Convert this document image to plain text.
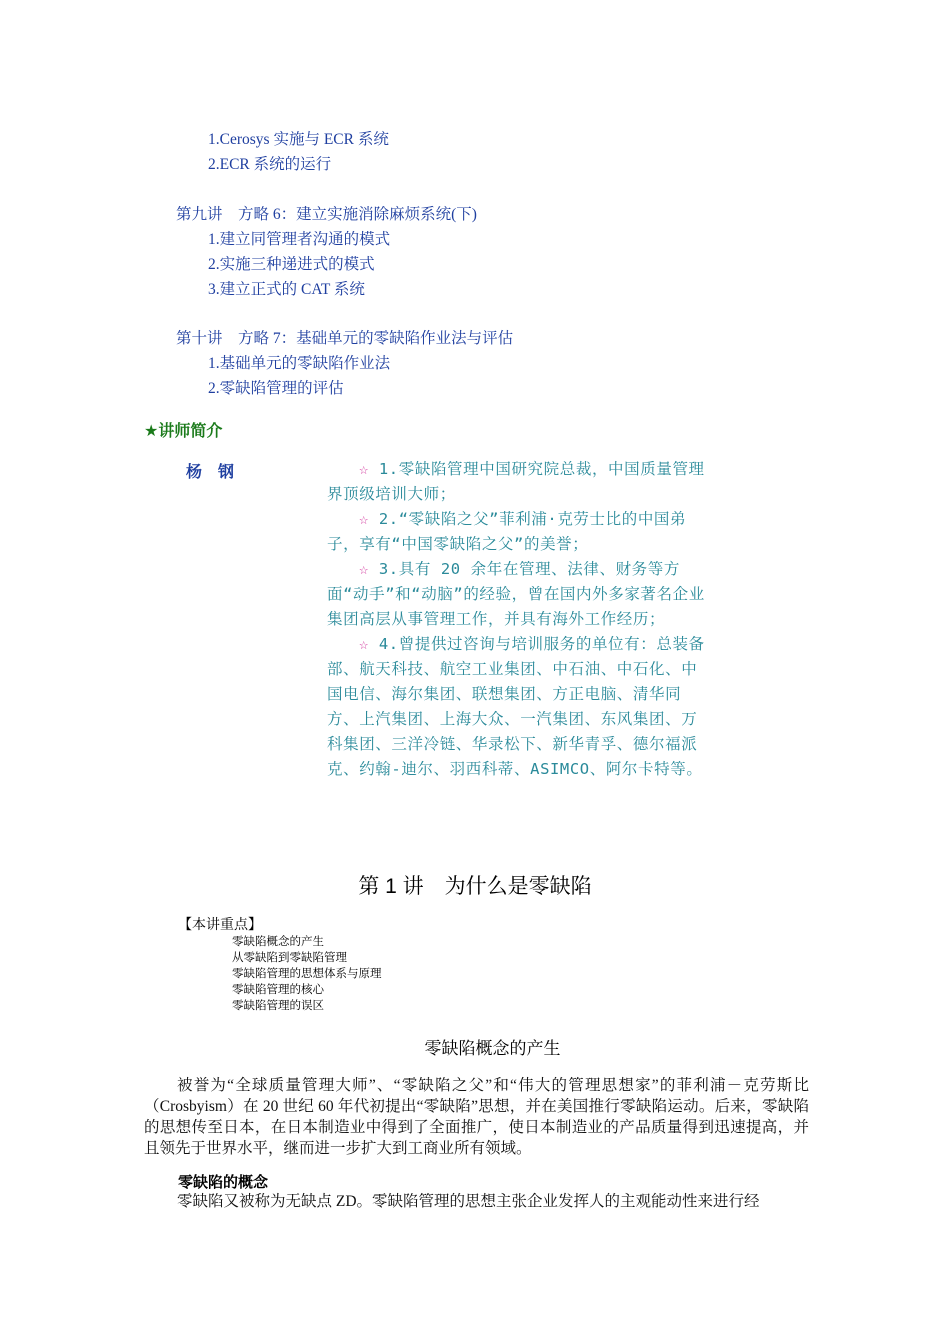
1.Cerosys 实施与 ECR 系统
2.ECR 系统的运行
第九讲　方略 6：建立实施消除麻烦系统(下)
1.建立同管理者沟通的模式
2.实施三种递进式的模式
3.建立正式的 CAT 系统
第十讲　方略 7：基础单元的零缺陷作业法与评估
1.基础单元的零缺陷作业法
2.零缺陷管理的评估
★讲师简介
杨　钢	☆ 1.零缺陷管理中国研究院总裁，中国质量管理界顶级培训大师；

☆ 2.“零缺陷之父”菲利浦·克劳士比的中国弟子，享有“中国零缺陷之父”的美誉；

☆ 3.具有 20 余年在管理、法律、财务等方面“动手”和“动脑”的经验，曾在国内外多家著名企业集团高层从事管理工作，并具有海外工作经历；

☆ 4.曾提供过咨询与培训服务的单位有：总装备部、航天科技、航空工业集团、中石油、中石化、中国电信、海尔集团、联想集团、方正电脑、清华同方、上汽集团、上海大众、一汽集团、东风集团、万科集团、三洋冷链、华录松下、新华青孚、德尔福派克、约翰-迪尔、羽西科蒂、ASIMCO、阿尔卡特等。

第 1 讲　为什么是零缺陷
【本讲重点】
零缺陷概念的产生
从零缺陷到零缺陷管理
零缺陷管理的思想体系与原理
零缺陷管理的核心
零缺陷管理的误区
零缺陷概念的产生
被誉为“全球质量管理大师”、“零缺陷之父”和“伟大的管理思想家”的菲利浦－克劳斯比（Crosbyism）在 20 世纪 60 年代初提出“零缺陷”思想，并在美国推行零缺陷运动。后来，零缺陷的思想传至日本，在日本制造业中得到了全面推广，使日本制造业的产品质量得到迅速提高，并且领先于世界水平，继而进一步扩大到工商业所有领域。
零缺陷的概念
零缺陷又被称为无缺点 ZD。零缺陷管理的思想主张企业发挥人的主观能动性来进行经
